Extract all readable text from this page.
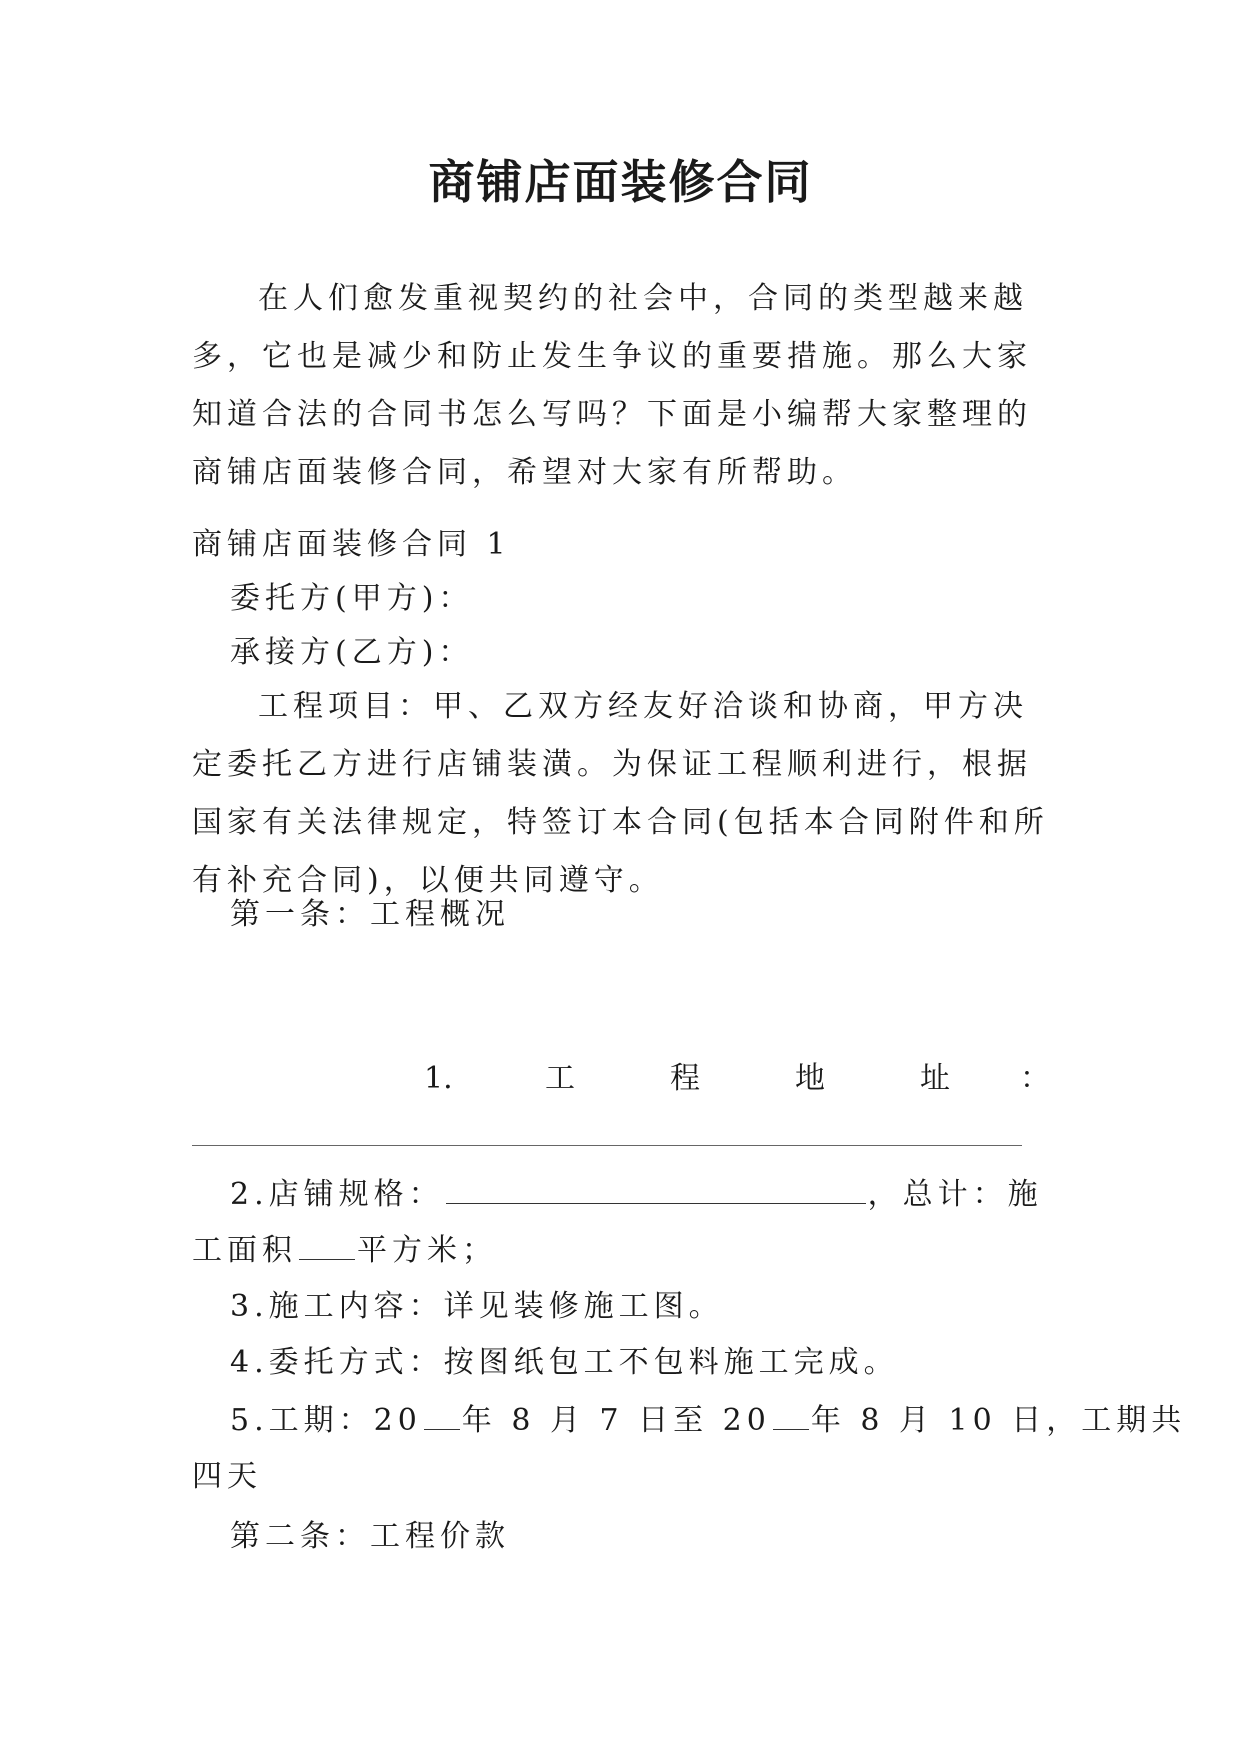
商铺店面装修合同
在人们愈发重视契约的社会中，合同的类型越来越多，它也是减少和防止发生争议的重要措施。那么大家知道合法的合同书怎么写吗？下面是小编帮大家整理的商铺店面装修合同，希望对大家有所帮助。
商铺店面装修合同 1
委托方(甲方)：
承接方(乙方)：
工程项目：甲、乙双方经友好洽谈和协商，甲方决定委托乙方进行店铺装潢。为保证工程顺利进行，根据国家有关法律规定，特签订本合同(包括本合同附件和所有补充合同)，以便共同遵守。
第一条：工程概况
1.	工	程	地	址 ：
2.店铺规格：	，总计：施
工面积 平方米；
3.施工内容：详见装修施工图。
4.委托方式：按图纸包工不包料施工完成。
5.工期：20 年 8 月 7 日至 20 年 8 月 10 日，工期共
四天
第二条：工程价款
